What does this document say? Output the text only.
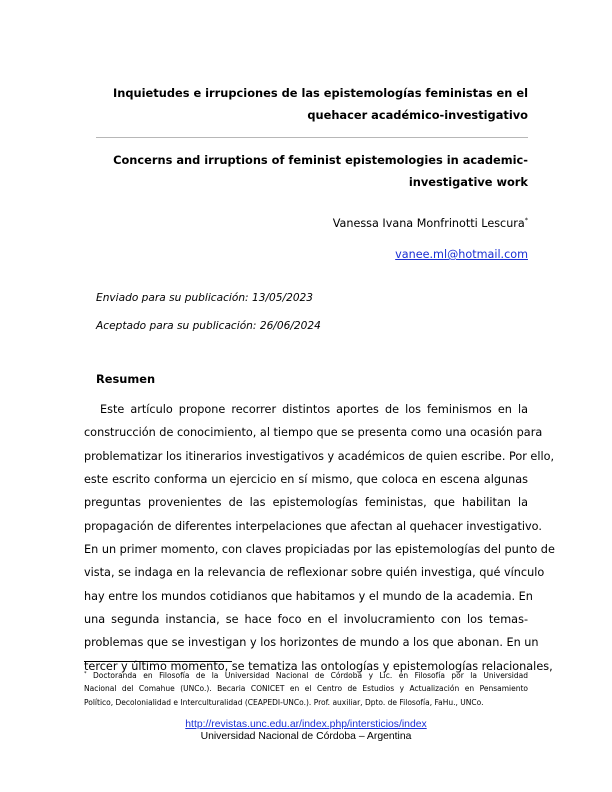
Inquietudes e irrupciones de las epistemologías feministas en el
quehacer académico-investigativo
Concerns and irruptions of feminist epistemologies in academic-
investigative work
Vanessa Ivana Monfrinotti Lescura*
vanee.ml@hotmail.com
Enviado para su publicación: 13/05/2023
Aceptado para su publicación: 26/06/2024
Resumen
Este artículo propone recorrer distintos aportes de los feminismos en la
construcción de conocimiento, al tiempo que se presenta como una ocasión para
problematizar los itinerarios investigativos y académicos de quien escribe. Por ello,
este escrito conforma un ejercicio en sí mismo, que coloca en escena algunas
preguntas provenientes de las epistemologías feministas, que habilitan la
propagación de diferentes interpelaciones que afectan al quehacer investigativo.
En un primer momento, con claves propiciadas por las epistemologías del punto de
vista, se indaga en la relevancia de reflexionar sobre quién investiga, qué vínculo
hay entre los mundos cotidianos que habitamos y el mundo de la academia. En
una segunda instancia, se hace foco en el involucramiento con los temas-
problemas que se investigan y los horizontes de mundo a los que abonan. En un
tercer y último momento, se tematiza las ontologías y epistemologías relacionales,
* Doctoranda en Filosofía de la Universidad Nacional de Córdoba y Lic. en Filosofía por la Universidad
Nacional del Comahue (UNCo.). Becaria CONICET en el Centro de Estudios y Actualización en Pensamiento
Político, Decolonialidad e Interculturalidad (CEAPEDI-UNCo.). Prof. auxiliar, Dpto. de Filosofía, FaHu., UNCo.
http://revistas.unc.edu.ar/index.php/intersticios/index
Universidad Nacional de Córdoba – Argentina
